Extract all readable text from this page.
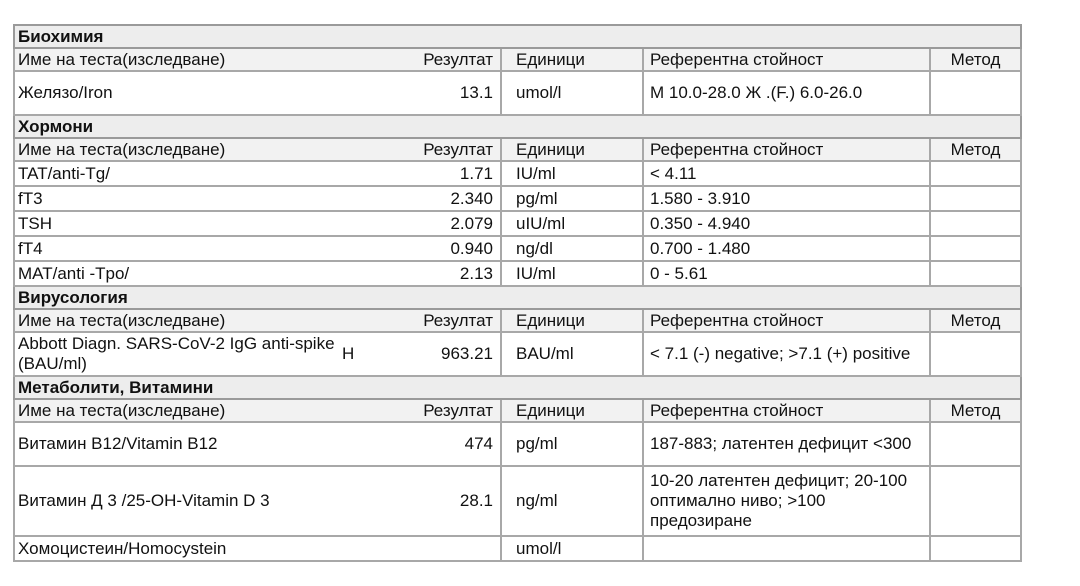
Биохимия					
Име на теста(изследване)	Резултат		Единици	Референтна стойност	Метод
Желязо/Iron		13.1	umol/l	М 10.0-28.0 Ж .(F.) 6.0-26.0	
Хормони					
Име на теста(изследване)	Резултат		Единици	Референтна стойност	Метод
TAT/anti-Tg/		1.71	IU/ml	< 4.11	
fT3		2.340	pg/ml	1.580 - 3.910	
TSH		2.079	uIU/ml	0.350 - 4.940	
fT4		0.940	ng/dl	0.700 - 1.480	
MAT/anti -Tpo/		2.13	IU/ml	0 - 5.61	
Вирусология					
Име на теста(изследване)	Резултат		Единици	Референтна стойност	Метод
Abbott Diagn. SARS-CoV-2 IgG anti-spike (BAU/ml)	H	963.21	BAU/ml	< 7.1 (-) negative; >7.1 (+) positive	
Метаболити, Витамини					
Име на теста(изследване)	Резултат		Единици	Референтна стойност	Метод
Витамин B12/Vitamin B12		474	pg/ml	187-883; латентен дефицит <300	
Витамин Д 3 /25-OH-Vitamin D 3		28.1	ng/ml	10-20 латентен дефицит; 20-100 оптимално ниво; >100 предозиране	
Хомоцистеин/Homocystein			umol/l		
